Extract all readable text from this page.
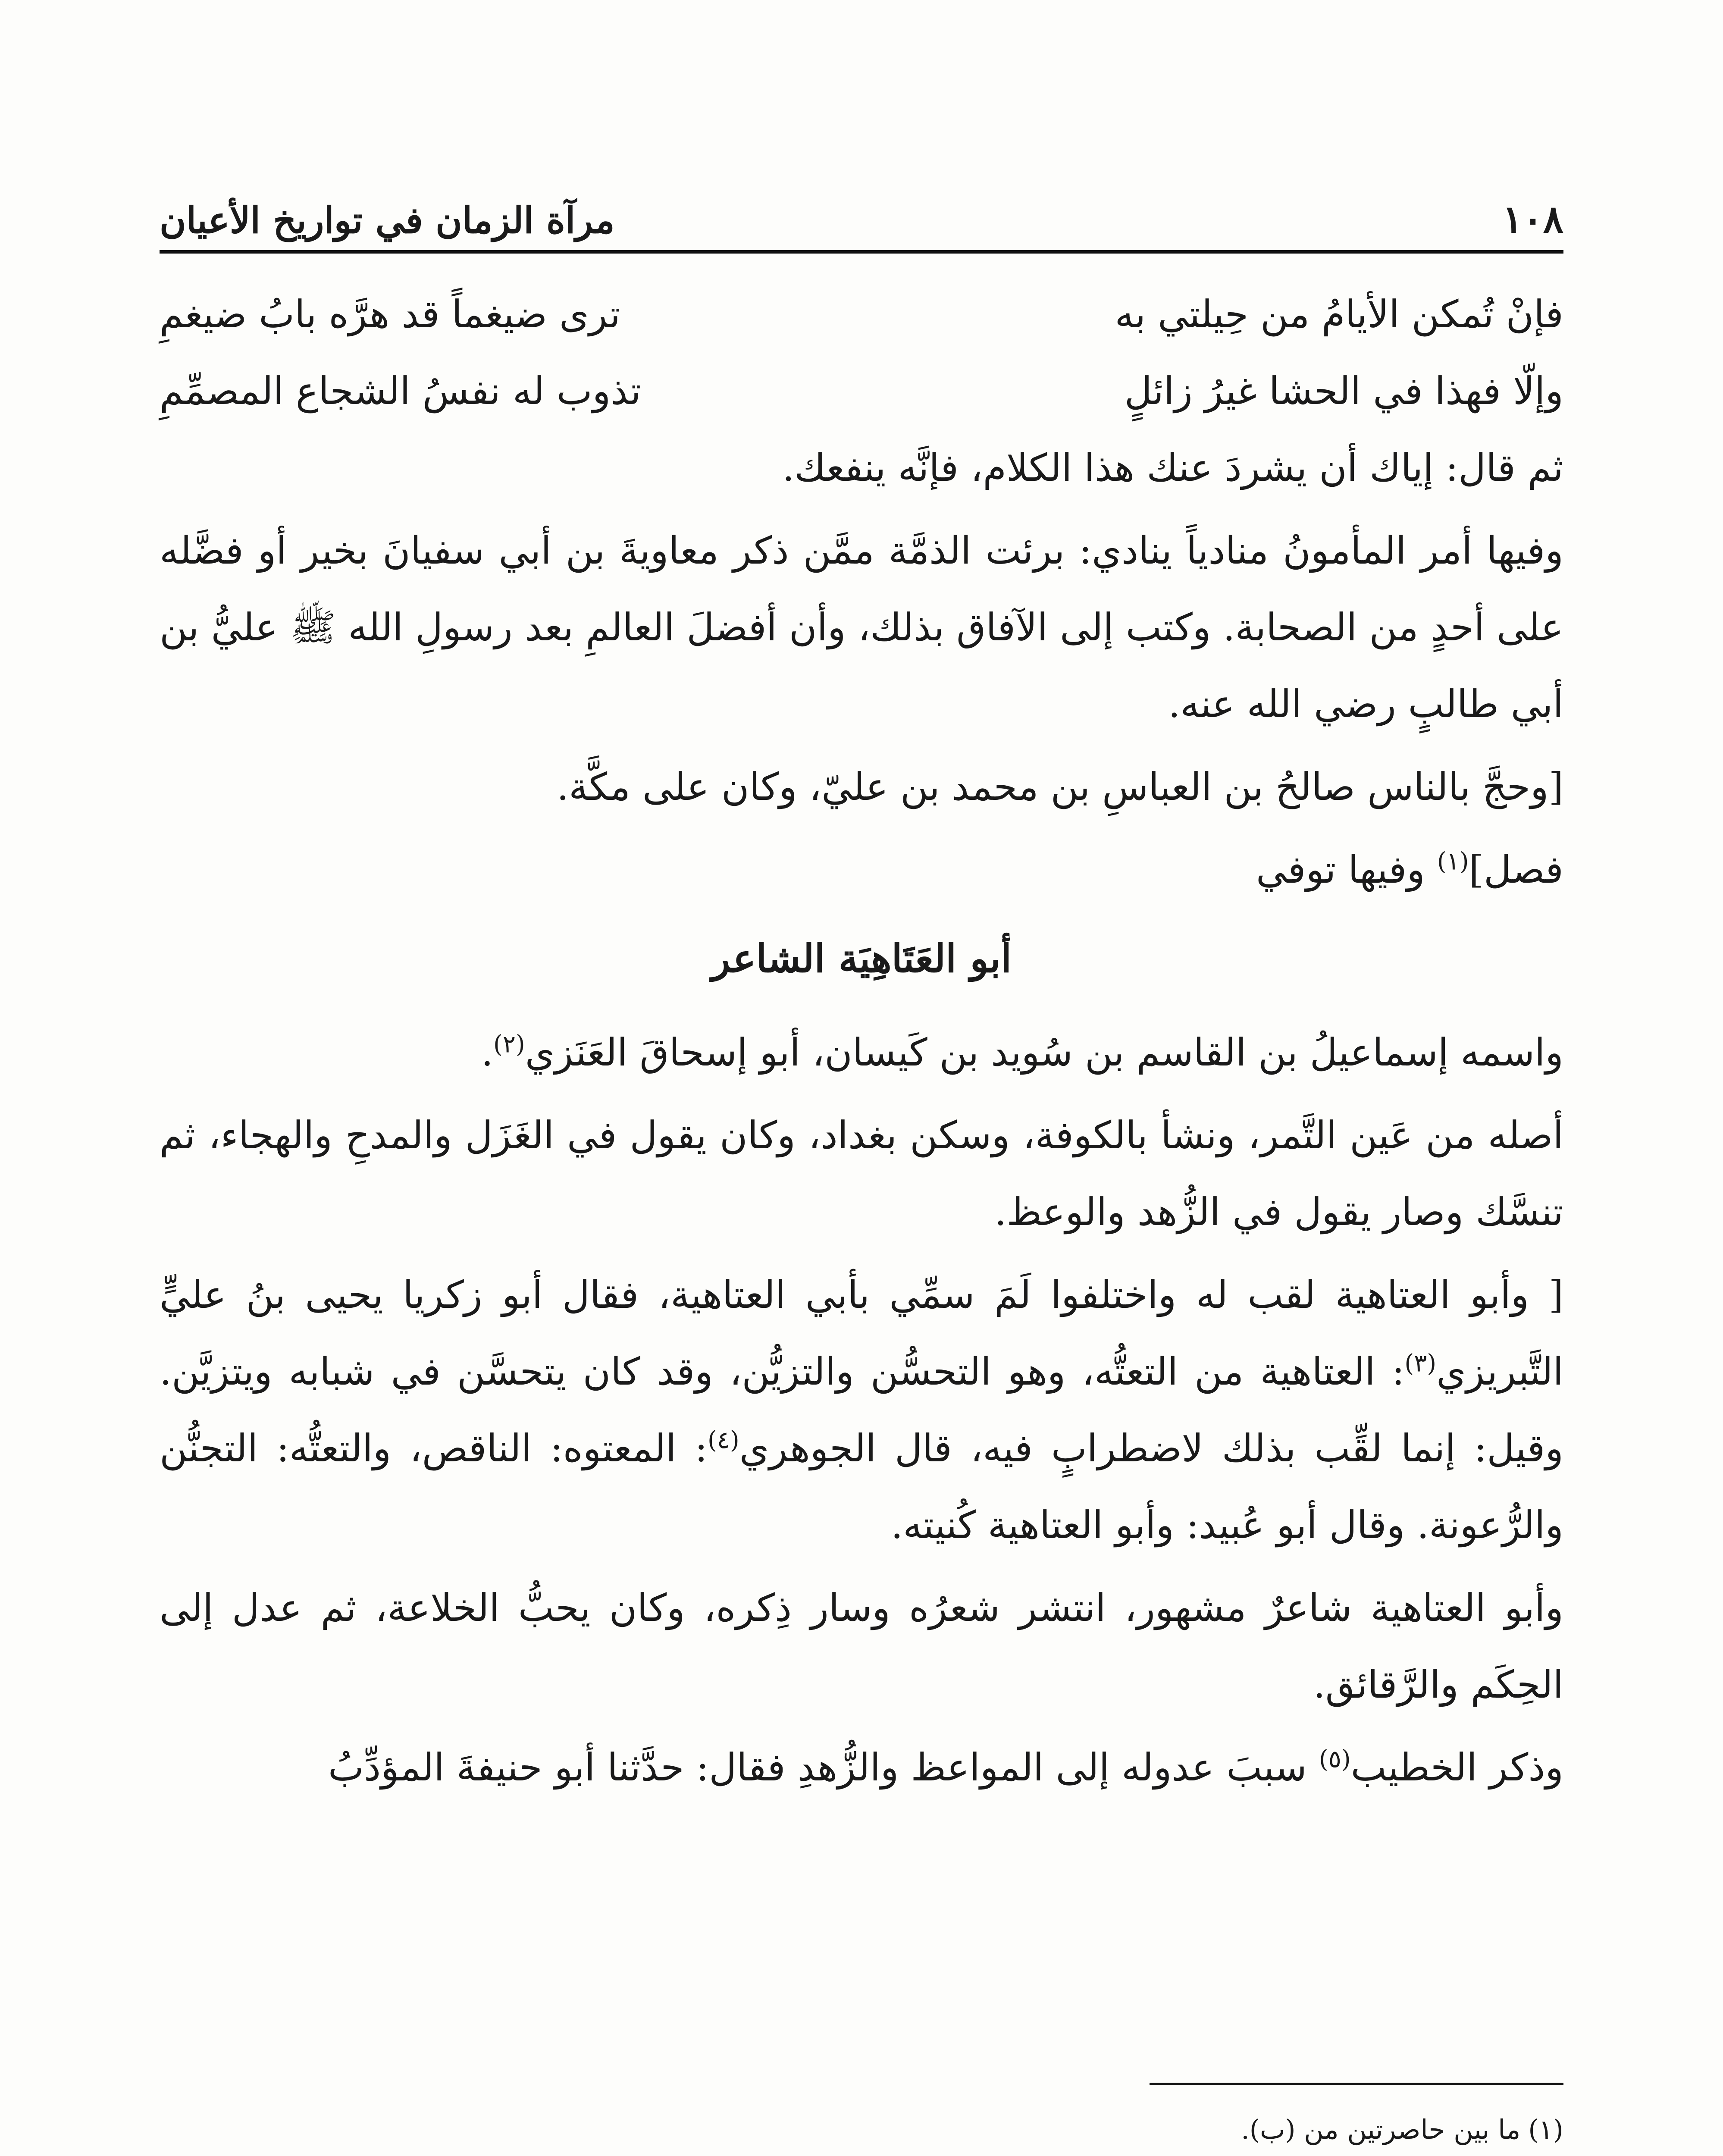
١٠٨
مرآة الزمان في تواريخ الأعيان
فإنْ تُمكن الأيامُ من حِيلتي به
ترى ضيغماً قد هرَّه بابُ ضيغمِ
وإلّا فهذا في الحشا غيرُ زائلٍ
تذوب له نفسُ الشجاع المصمِّمِ

ثم قال: إياك أن يشردَ عنك هذا الكلام، فإنَّه ينفعك.

وفيها أمر المأمونُ منادياً ينادي: برئت الذمَّة ممَّن ذكر معاويةَ بن أبي سفيانَ بخير أو فضَّله على أحدٍ من الصحابة. وكتب إلى الآفاق بذلك، وأن أفضلَ العالمِ بعد رسولِ الله ﷺ عليُّ بن أبي طالبٍ رضي الله عنه.

[وحجَّ بالناس صالحُ بن العباسِ بن محمد بن عليّ، وكان على مكَّة.

فصل]$^{(١)}$ وفيها توفي

أبو العَتَاهِيَة الشاعر

واسمه إسماعيلُ بن القاسم بن سُويد بن كَيسان، أبو إسحاقَ العَنَزي$^{(٢)}$.

أصله من عَين التَّمر، ونشأ بالكوفة، وسكن بغداد، وكان يقول في الغَزَل والمدحِ والهجاء، ثم تنسَّك وصار يقول في الزُّهد والوعظ.

[ وأبو العتاهية لقب له واختلفوا لَمَ سمِّي بأبي العتاهية، فقال أبو زكريا يحيى بنُ عليٍّ التَّبريزي$^{(٣)}$: العتاهية من التعتُّه، وهو التحسُّن والتزيُّن، وقد كان يتحسَّن في شبابه ويتزيَّن. وقيل: إنما لقِّب بذلك لاضطرابٍ فيه، قال الجوهري$^{(٤)}$: المعتوه: الناقص، والتعتُّه: التجنُّن والرُّعونة. وقال أبو عُبيد: وأبو العتاهية كُنيته.

وأبو العتاهية شاعرٌ مشهور، انتشر شعرُه وسار ذِكره، وكان يحبُّ الخلاعة، ثم عدل إلى الحِكَم والرَّقائق.

وذكر الخطيب$^{(٥)}$ سببَ عدوله إلى المواعظ والزُّهدِ فقال: حدَّثنا أبو حنيفةَ المؤدِّبُ

(١)ما بين حاصرتين من (ب).
